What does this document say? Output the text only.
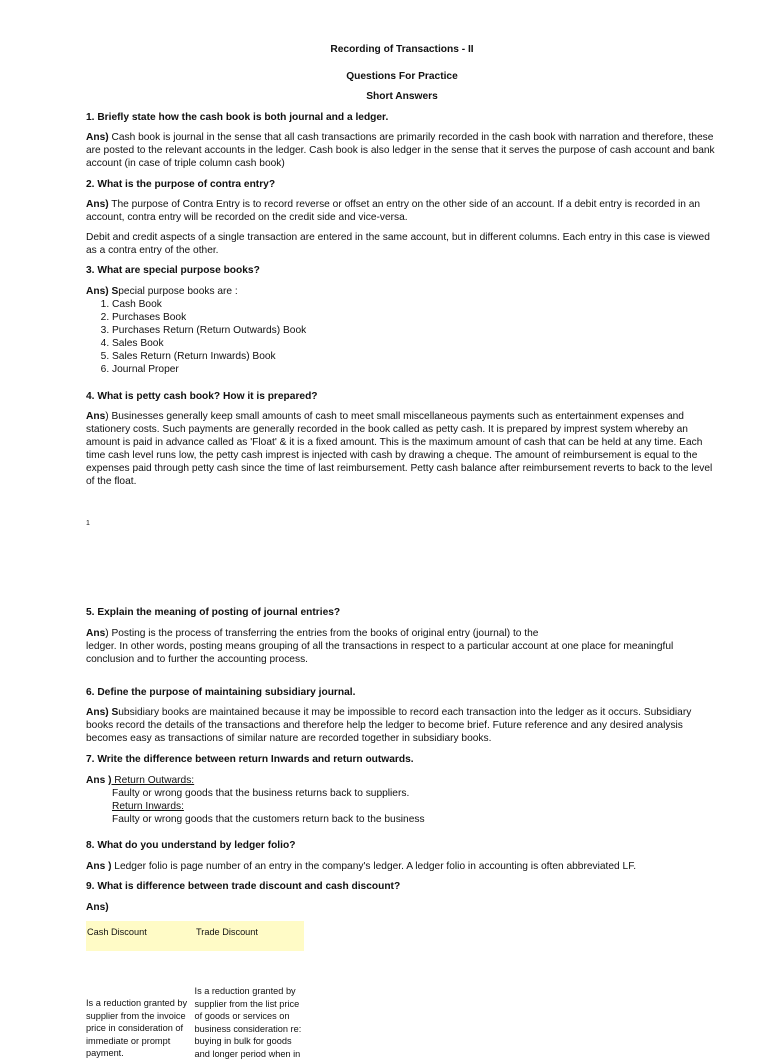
Recording of Transactions - II
Questions For Practice
Short Answers
1. Briefly state how the cash book is both journal and a ledger.
Ans) Cash book is journal in the sense that all cash transactions are primarily recorded in the cash book with narration and therefore, these are posted to the relevant accounts in the ledger. Cash book is also ledger in the sense that it serves the purpose of cash account and bank account (in case of triple column cash book)
2. What is the purpose of contra entry?
Ans) The purpose of Contra Entry is to record reverse or offset an entry on the other side of an account. If a debit entry is recorded in an account, contra entry will be recorded on the credit side and vice-versa.
Debit and credit aspects of a single transaction are entered in the same account, but in different columns. Each entry in this case is viewed as a contra entry of the other.
3. What are special purpose books?
Ans) Special purpose books are :
1. Cash Book
2. Purchases Book
3. Purchases Return (Return Outwards) Book
4. Sales Book
5. Sales Return (Return Inwards) Book
6. Journal Proper
4. What is petty cash book? How it is prepared?
Ans) Businesses generally keep small amounts of cash to meet small miscellaneous payments such as entertainment expenses and stationery costs. Such payments are generally recorded in the book called as petty cash. It is prepared by imprest system whereby an amount is paid in advance called as 'Float' & it is a fixed amount. This is the maximum amount of cash that can be held at any time. Each time cash level runs low, the petty cash imprest is injected with cash by drawing a cheque. The amount of reimbursement is equal to the expenses paid through petty cash since the time of last reimbursement. Petty cash balance after reimbursement reverts to back to the level of the float.
1
5. Explain the meaning of posting of journal entries?
Ans) Posting is the process of transferring the entries from the books of original entry (journal) to the
ledger. In other words, posting means grouping of all the transactions in respect to a particular account at one place for meaningful conclusion and to further the accounting process.
6. Define the purpose of maintaining subsidiary journal.
Ans) Subsidiary books are maintained because it may be impossible to record each transaction into the ledger as it occurs. Subsidiary books record the details of the transactions and therefore help the ledger to become brief. Future reference and any desired analysis becomes easy as transactions of similar nature are recorded together in subsidiary books.
7. Write the difference between return Inwards and return outwards.
Ans ) Return Outwards:
Faulty or wrong goods that the business returns back to suppliers.
Return Inwards:
Faulty or wrong goods that the customers return back to the business
8. What do you understand by ledger folio?
Ans ) Ledger folio is page number of an entry in the company's ledger. A ledger folio in accounting is often abbreviated LF.
9. What is difference between trade discount and cash discount?
Ans)
Cash Discount	Trade Discount
Is a reduction granted by
supplier from the invoice
price in consideration of
immediate or prompt
payment.
Is a reduction granted by
supplier from the list price
of goods or services on
business consideration re:
buying in bulk for goods
and longer period when in
